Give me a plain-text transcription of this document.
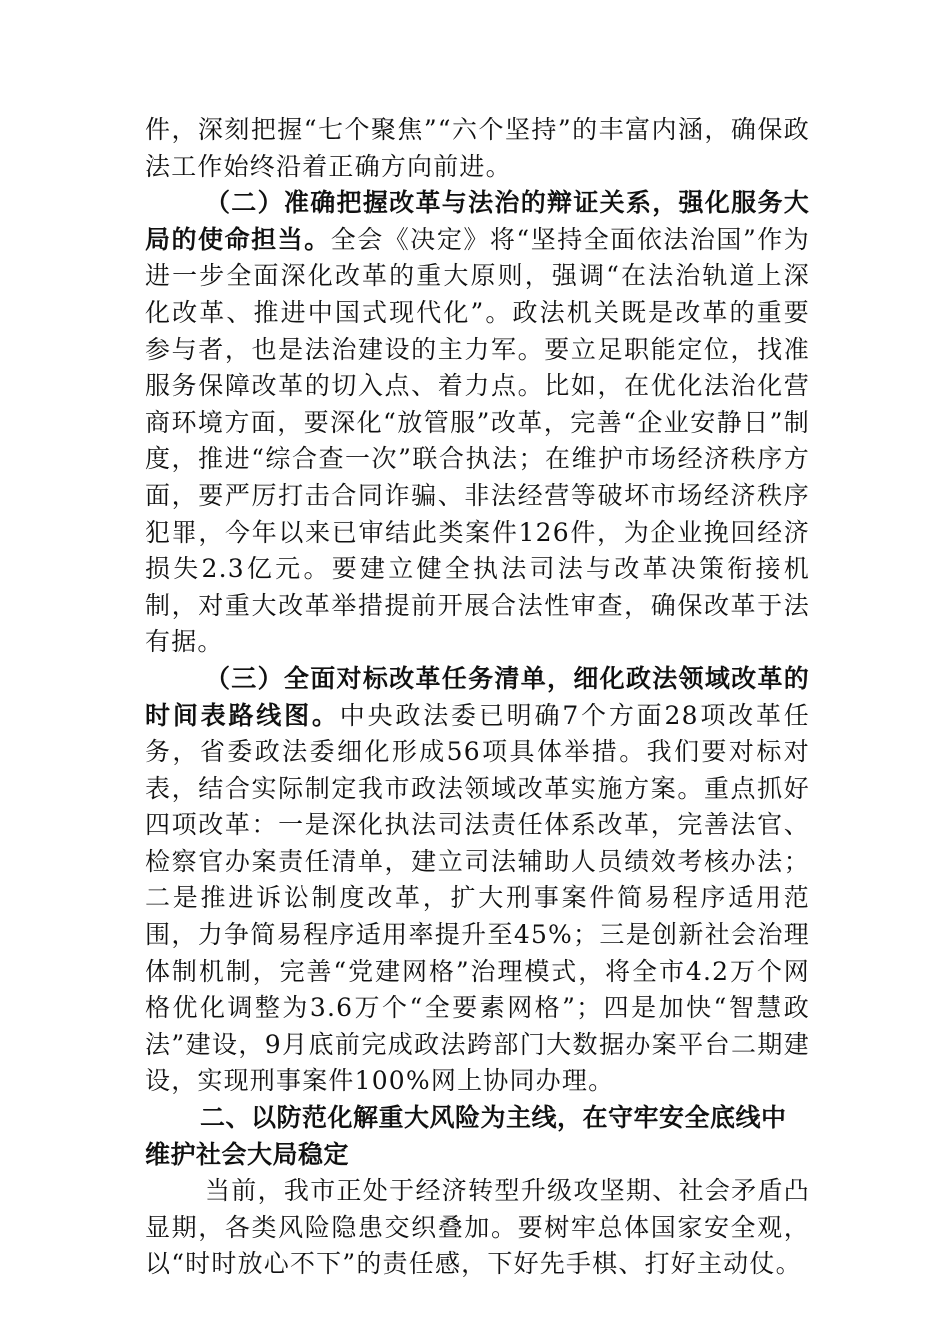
件，深刻把握“七个聚焦”“六个坚持”的丰富内涵，确保政法工作始终沿着正确方向前进。

（二）准确把握改革与法治的辩证关系，强化服务大局的使命担当。全会《决定》将“坚持全面依法治国”作为进一步全面深化改革的重大原则，强调“在法治轨道上深化改革、推进中国式现代化”。政法机关既是改革的重要参与者，也是法治建设的主力军。要立足职能定位，找准服务保障改革的切入点、着力点。比如，在优化法治化营商环境方面，要深化“放管服”改革，完善“企业安静日”制度，推进“综合查一次”联合执法；在维护市场经济秩序方面，要严厉打击合同诈骗、非法经营等破坏市场经济秩序犯罪，今年以来已审结此类案件126件，为企业挽回经济损失2.3亿元。要建立健全执法司法与改革决策衔接机制，对重大改革举措提前开展合法性审查，确保改革于法有据。

（三）全面对标改革任务清单，细化政法领域改革的时间表路线图。中央政法委已明确7个方面28项改革任务，省委政法委细化形成56项具体举措。我们要对标对表，结合实际制定我市政法领域改革实施方案。重点抓好四项改革：一是深化执法司法责任体系改革，完善法官、检察官办案责任清单，建立司法辅助人员绩效考核办法；二是推进诉讼制度改革，扩大刑事案件简易程序适用范围，力争简易程序适用率提升至45%；三是创新社会治理体制机制，完善“党建网格”治理模式，将全市4.2万个网格优化调整为3.6万个“全要素网格”；四是加快“智慧政法”建设，9月底前完成政法跨部门大数据办案平台二期建设，实现刑事案件100%网上协同办理。

二、以防范化解重大风险为主线，在守牢安全底线中维护社会大局稳定

当前，我市正处于经济转型升级攻坚期、社会矛盾凸显期，各类风险隐患交织叠加。要树牢总体国家安全观，以“时时放心不下”的责任感，下好先手棋、打好主动仗。
